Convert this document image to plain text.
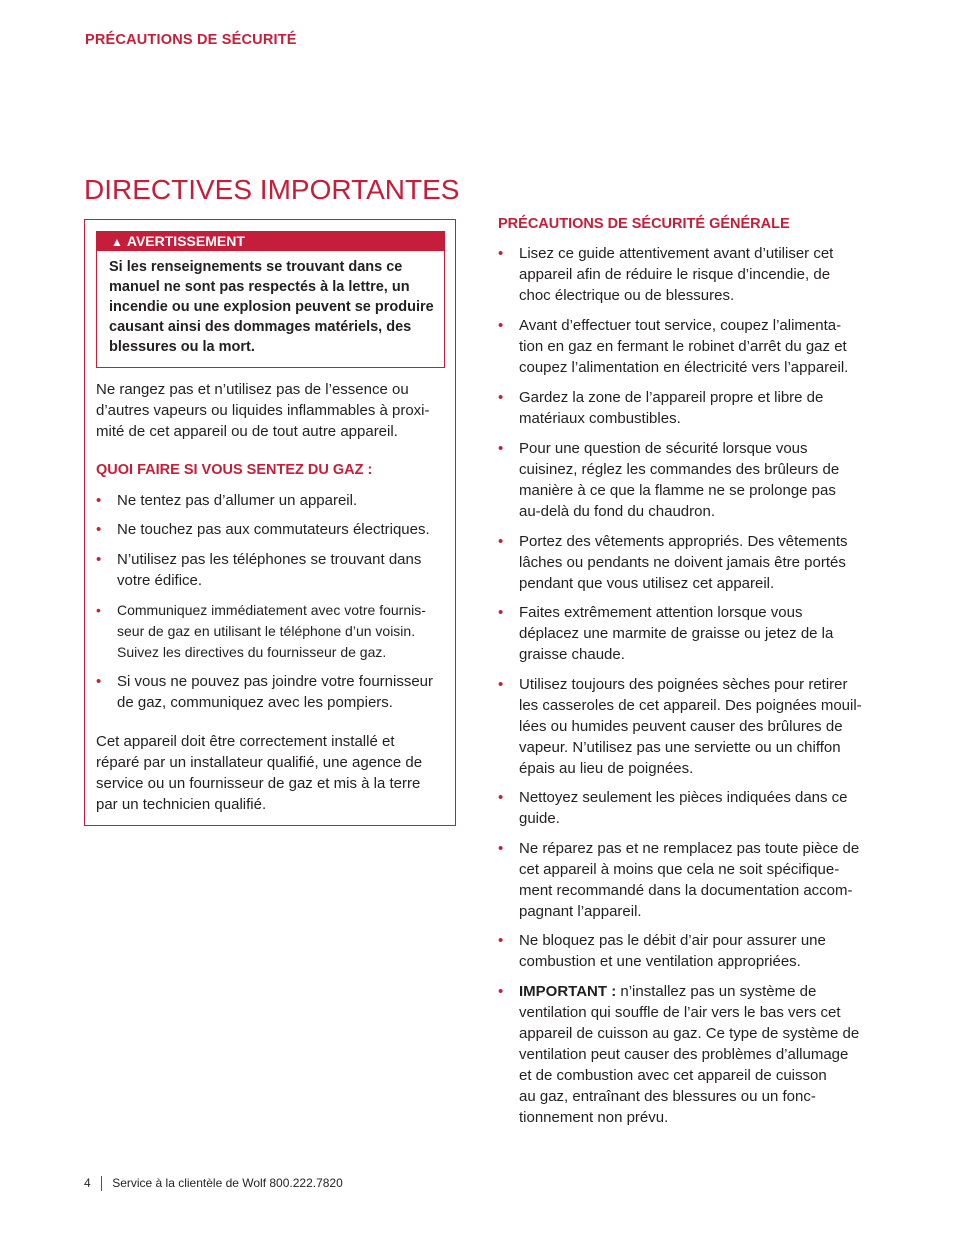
PRÉCAUTIONS DE SÉCURITÉ
DIRECTIVES IMPORTANTES
▲ AVERTISSEMENT
Si les renseignements se trouvant dans ce
manuel ne sont pas respectés à la lettre, un
incendie ou une explosion peuvent se produire
causant ainsi des dommages matériels, des
blessures ou la mort.
Ne rangez pas et n’utilisez pas de l’essence ou
d’autres vapeurs ou liquides inflammables à proxi-
mité de cet appareil ou de tout autre appareil.
QUOI FAIRE SI VOUS SENTEZ DU GAZ :
• Ne tentez pas d’allumer un appareil.
• Ne touchez pas aux commutateurs électriques.
• N’utilisez pas les téléphones se trouvant dans
votre édifice.
• Communiquez immédiatement avec votre fournis-
seur de gaz en utilisant le téléphone d’un voisin.
Suivez les directives du fournisseur de gaz.
• Si vous ne pouvez pas joindre votre fournisseur
de gaz, communiquez avec les pompiers.
Cet appareil doit être correctement installé et
réparé par un installateur qualifié, une agence de
service ou un fournisseur de gaz et mis à la terre
par un technicien qualifié.
PRÉCAUTIONS DE SÉCURITÉ GÉNÉRALE
• Lisez ce guide attentivement avant d’utiliser cet
appareil afin de réduire le risque d’incendie, de
choc électrique ou de blessures.
• Avant d’effectuer tout service, coupez l’alimenta-
tion en gaz en fermant le robinet d’arrêt du gaz et
coupez l’alimentation en électricité vers l’appareil.
• Gardez la zone de l’appareil propre et libre de
matériaux combustibles.
• Pour une question de sécurité lorsque vous
cuisinez, réglez les commandes des brûleurs de
manière à ce que la flamme ne se prolonge pas
au-delà du fond du chaudron.
• Portez des vêtements appropriés. Des vêtements
lâches ou pendants ne doivent jamais être portés
pendant que vous utilisez cet appareil.
• Faites extrêmement attention lorsque vous
déplacez une marmite de graisse ou jetez de la
graisse chaude.
• Utilisez toujours des poignées sèches pour retirer
les casseroles de cet appareil. Des poignées mouil-
lées ou humides peuvent causer des brûlures de
vapeur. N’utilisez pas une serviette ou un chiffon
épais au lieu de poignées.
• Nettoyez seulement les pièces indiquées dans ce
guide.
• Ne réparez pas et ne remplacez pas toute pièce de
cet appareil à moins que cela ne soit spécifique-
ment recommandé dans la documentation accom-
pagnant l’appareil.
• Ne bloquez pas le débit d’air pour assurer une
combustion et une ventilation appropriées.
• IMPORTANT : n’installez pas un système de
ventilation qui souffle de l’air vers le bas vers cet
appareil de cuisson au gaz. Ce type de système de
ventilation peut causer des problèmes d’allumage
et de combustion avec cet appareil de cuisson
au gaz, entraînant des blessures ou un fonc-
tionnement non prévu.
4 Service à la clientèle de Wolf 800.222.7820
